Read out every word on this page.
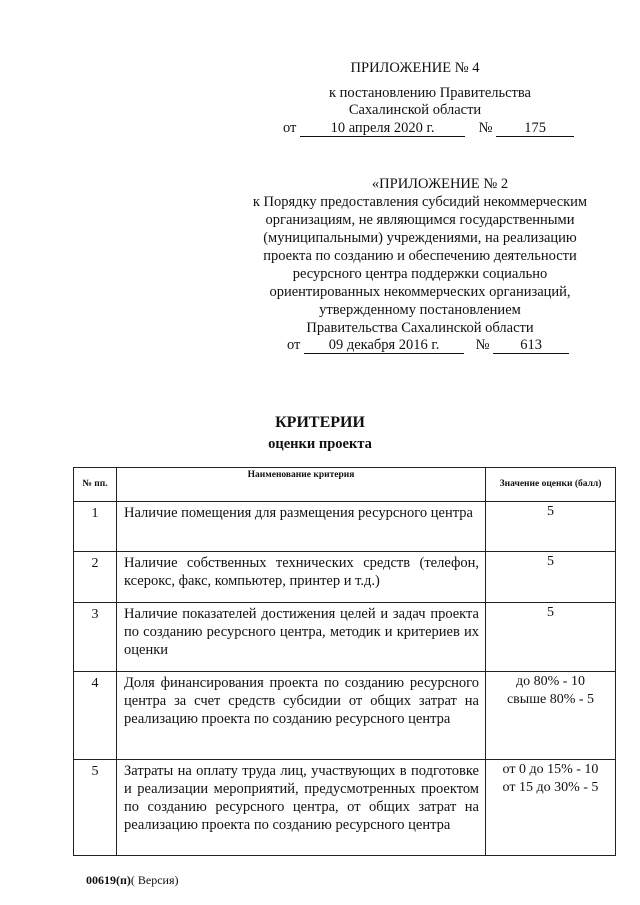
ПРИЛОЖЕНИЕ № 4
к постановлению Правительства
Сахалинской области
от 10 апреля 2020 г.	№ 175
«ПРИЛОЖЕНИЕ № 2
к Порядку предоставления субсидий некоммерческим
организациям, не являющимся государственными
(муниципальными) учреждениями, на реализацию
проекта по созданию и обеспечению деятельности
ресурсного центра поддержки социально
ориентированных некоммерческих организаций,
утвержденному постановлением
Правительства Сахалинской области
от 09 декабря 2016 г.	№ 613
КРИТЕРИИ
оценки проекта
№ пп.	Наименование критерия	Значение оценки (балл)
1	Наличие помещения для размещения ресурсного центра	5
2	Наличие собственных технических средств (телефон, ксерокс, факс, компьютер, принтер и т.д.)	5
3	Наличие показателей достижения целей и задач проекта по созданию ресурсного центра, методик и критериев их оценки	5
4	Доля финансирования проекта по созданию ресурсного центра за счет средств субсидии от общих затрат на реализацию проекта по созданию ресурсного центра	до 80% - 10
свыше 80% - 5
5	Затраты на оплату труда лиц, участвующих в подготовке и реализации мероприятий, предусмотренных проектом по созданию ресурсного центра, от общих затрат на реализацию проекта по созданию ресурсного центра	от 0 до 15% - 10
от 15 до 30% - 5
00619(п)( Версия)
